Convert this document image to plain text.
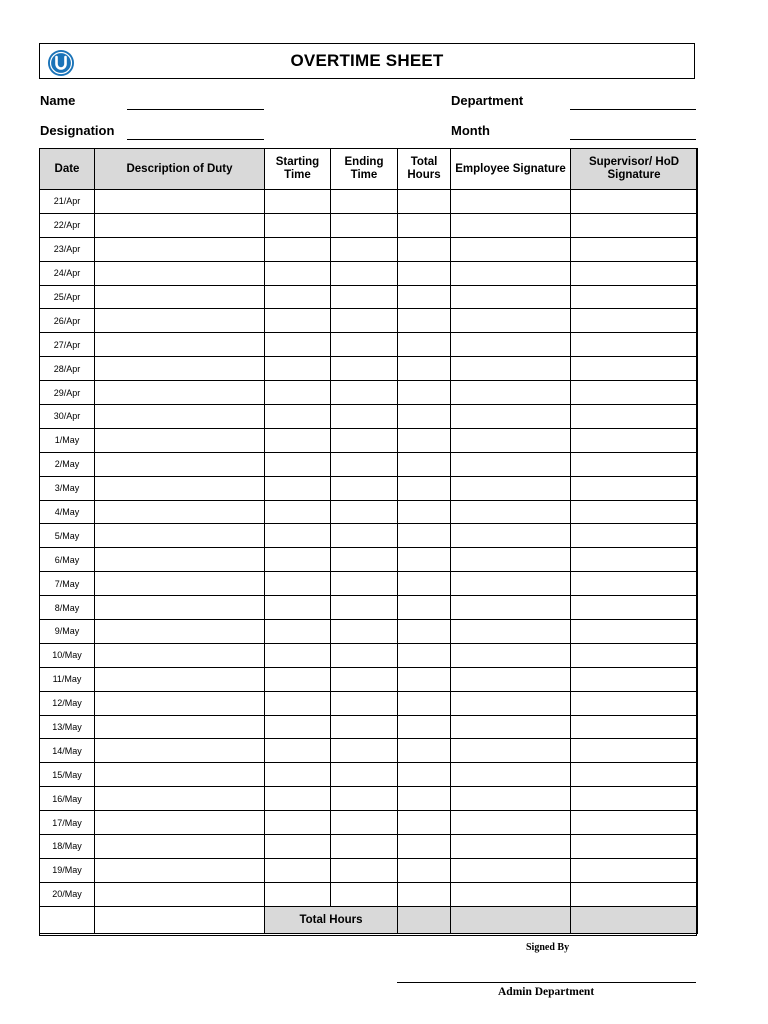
OVERTIME SHEET
Name	Department
Designation	Month
Date	Description of Duty	Starting Time	Ending Time	Total Hours	Employee Signature	Supervisor/ HoD Signature
21/Apr						
22/Apr						
23/Apr						
24/Apr						
25/Apr						
26/Apr						
27/Apr						
28/Apr						
29/Apr						
30/Apr						
1/May						
2/May						
3/May						
4/May						
5/May						
6/May						
7/May						
8/May						
9/May						
10/May						
11/May						
12/May						
13/May						
14/May						
15/May						
16/May						
17/May						
18/May						
19/May						
20/May						
		Total Hours				
Signed By
Admin Department
